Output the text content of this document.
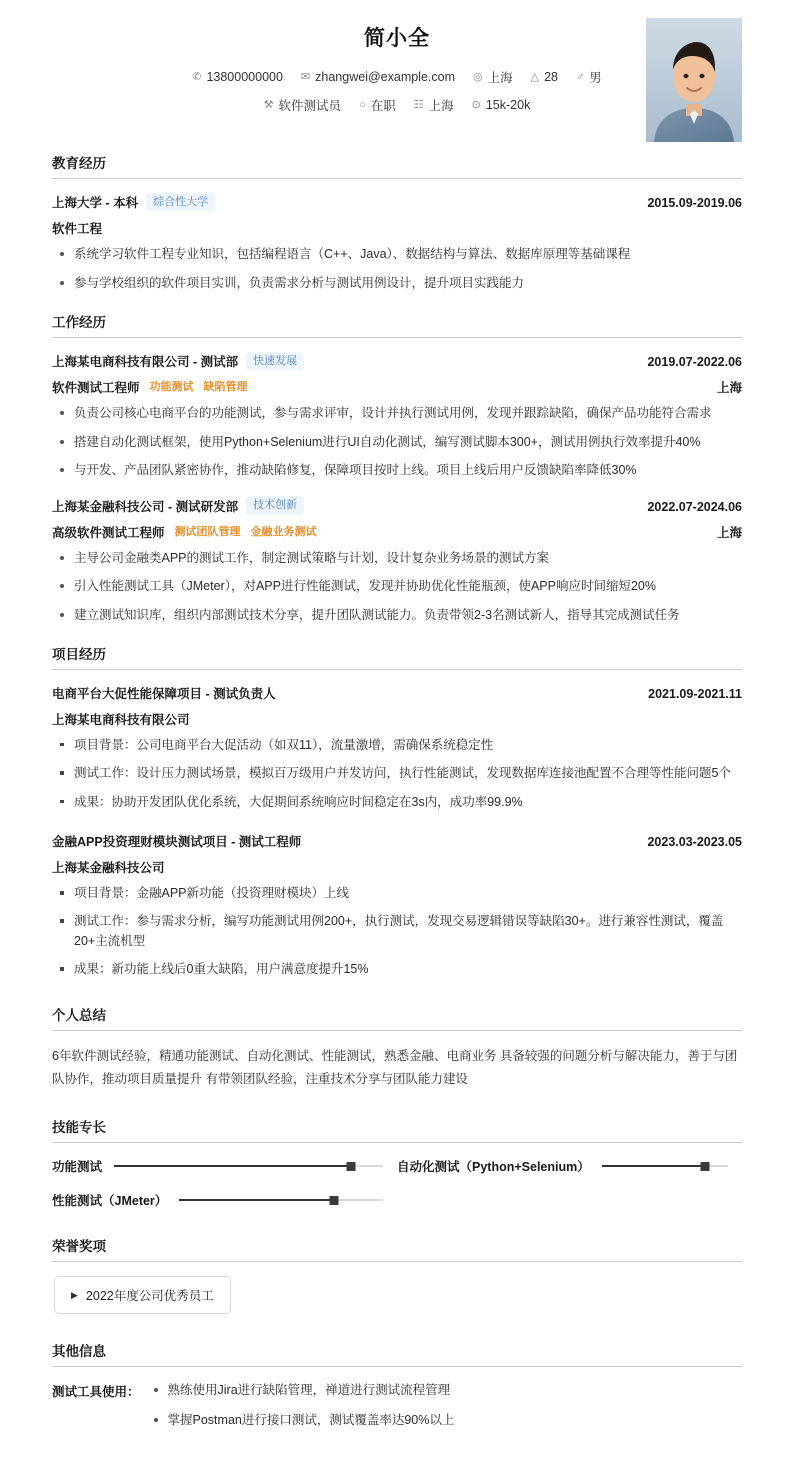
简小全
✆ 13800000000 ✉ zhangwei@example.com ◎ 上海 △ 28 ♂ 男
⚒ 软件测试员 ○ 在职 ☷ 上海 ⊙ 15k-20k
教育经历
上海大学 - 本科	综合性大学	2015.09-2019.06
软件工程
系统学习软件工程专业知识，包括编程语言（C++、Java）、数据结构与算法、数据库原理等基础课程
参与学校组织的软件项目实训，负责需求分析与测试用例设计，提升项目实践能力
工作经历
上海某电商科技有限公司 - 测试部	快速发展	2019.07-2022.06
软件测试工程师 功能测试 缺陷管理	上海
负责公司核心电商平台的功能测试，参与需求评审，设计并执行测试用例，发现并跟踪缺陷，确保产品功能符合需求
搭建自动化测试框架，使用Python+Selenium进行UI自动化测试，编写测试脚本300+，测试用例执行效率提升40%
与开发、产品团队紧密协作，推动缺陷修复，保障项目按时上线。项目上线后用户反馈缺陷率降低30%
上海某金融科技公司 - 测试研发部	技术创新	2022.07-2024.06
高级软件测试工程师 测试团队管理 金融业务测试	上海
主导公司金融类APP的测试工作，制定测试策略与计划，设计复杂业务场景的测试方案
引入性能测试工具（JMeter），对APP进行性能测试，发现并协助优化性能瓶颈，使APP响应时间缩短20%
建立测试知识库，组织内部测试技术分享，提升团队测试能力。负责带领2-3名测试新人，指导其完成测试任务
项目经历
电商平台大促性能保障项目 - 测试负责人	2021.09-2021.11
上海某电商科技有限公司
项目背景：公司电商平台大促活动（如双11），流量激增，需确保系统稳定性
测试工作：设计压力测试场景，模拟百万级用户并发访问，执行性能测试，发现数据库连接池配置不合理等性能问题5个
成果：协助开发团队优化系统，大促期间系统响应时间稳定在3s内，成功率99.9%
金融APP投资理财模块测试项目 - 测试工程师	2023.03-2023.05
上海某金融科技公司
项目背景：金融APP新功能（投资理财模块）上线
测试工作：参与需求分析，编写功能测试用例200+，执行测试，发现交易逻辑错误等缺陷30+。进行兼容性测试，覆盖20+主流机型
成果：新功能上线后0重大缺陷，用户满意度提升15%
个人总结
6年软件测试经验，精通功能测试、自动化测试、性能测试，熟悉金融、电商业务 具备较强的问题分析与解决能力，善于与团队协作，推动项目质量提升 有带领团队经验，注重技术分享与团队能力建设
技能专长
功能测试	自动化测试（Python+Selenium）
性能测试（JMeter）
荣誉奖项
▶ 2022年度公司优秀员工
其他信息
测试工具使用：	熟练使用Jira进行缺陷管理，禅道进行测试流程管理
掌握Postman进行接口测试，测试覆盖率达90%以上
